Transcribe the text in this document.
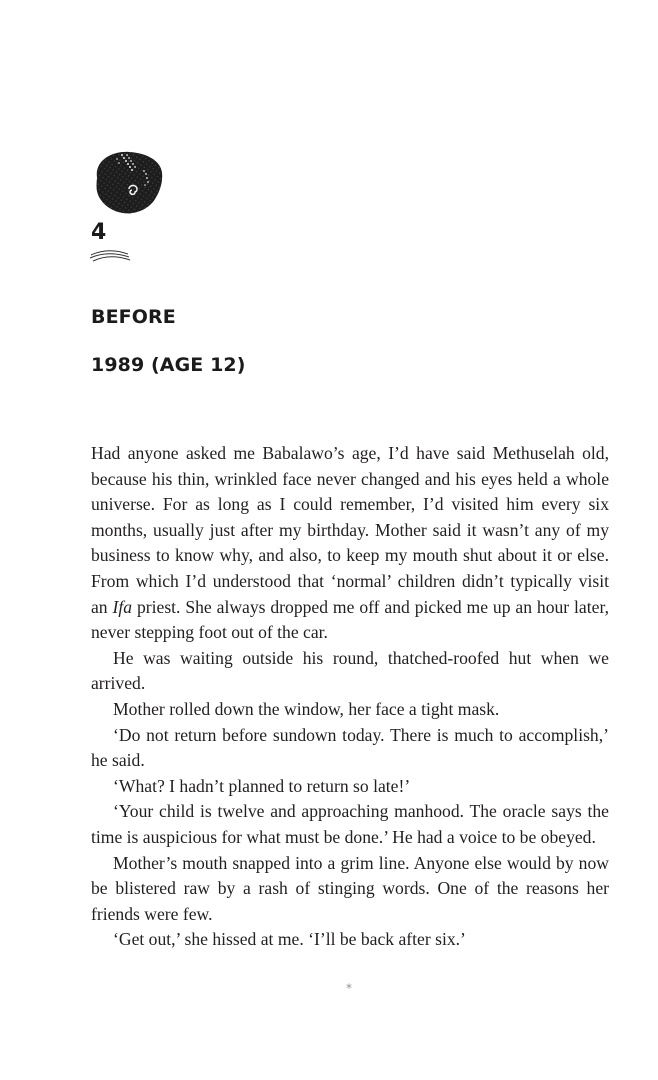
4
BEFORE
1989 (AGE 12)

Had anyone asked me Babalawo’s age, I’d have said Methuselah old, because his thin, wrinkled face never changed and his eyes held a whole universe. For as long as I could remember, I’d visited him every six months, usually just after my birthday. Mother said it wasn’t any of my business to know why, and also, to keep my mouth shut about it or else. From which I’d understood that ‘normal’ children didn’t typically visit an Ifa priest. She always dropped me off and picked me up an hour later, never stepping foot out of the car.

He was waiting outside his round, thatched-roofed hut when we arrived.

Mother rolled down the window, her face a tight mask.

‘Do not return before sundown today. There is much to accomplish,’ he said.

‘What? I hadn’t planned to return so late!’

‘Your child is twelve and approaching manhood. The oracle says the time is auspicious for what must be done.’ He had a voice to be obeyed.

Mother’s mouth snapped into a grim line. Anyone else would by now be blistered raw by a rash of stinging words. One of the reasons her friends were few.

‘Get out,’ she hissed at me. ‘I’ll be back after six.’

*
